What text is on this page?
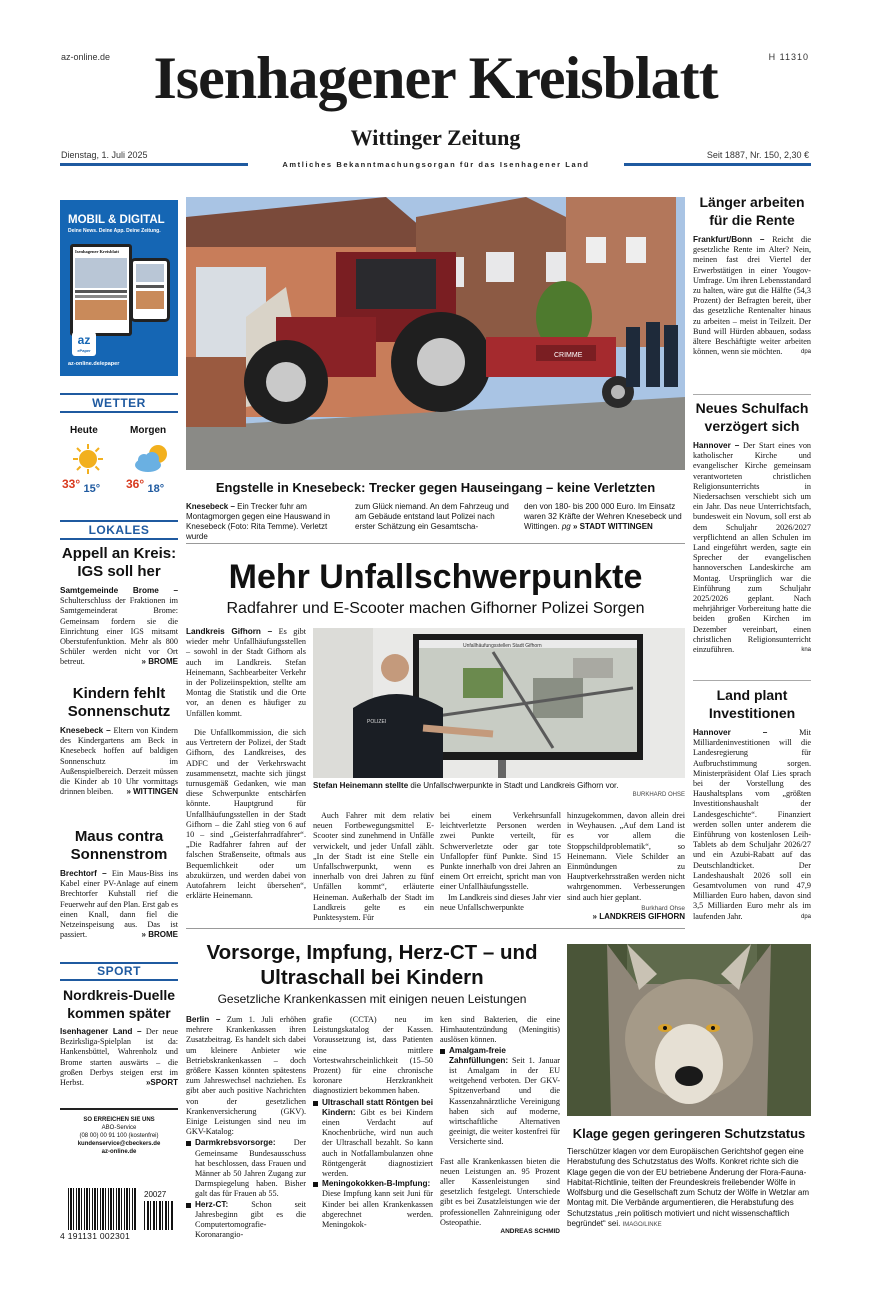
az-online.de	H 11310
Isenhagener Kreisblatt
Wittinger Zeitung
Dienstag, 1. Juli 2025	Seit 1887, Nr. 150, 2,30 €
Amtliches Bekanntmachungsorgan für das Isenhagener Land
MOBIL & DIGITAL
Deine News. Deine App. Deine Zeitung.
Isenhagener Kreisblatt
az
ePaper
az-online.de/epaper
WETTER
Heute	Morgen
33° 15° 36° 18°
LOKALES
Appell an Kreis: IGS soll her
Samtgemeinde Brome – Schulterschluss der Fraktionen im Samtgemeinderat Brome: Gemeinsam fordern sie die Einrichtung einer IGS mitsamt Oberstufenfunktion. Mehr als 800 Schüler werden nicht vor Ort betreut.	» BROME
Kindern fehlt Sonnenschutz
Knesebeck – Eltern von Kindern des Kindergartens am Beck in Knesebeck hoffen auf baldigen Sonnenschutz im Außenspielbereich. Derzeit müssen die Kinder ab 10 Uhr vormittags drinnen bleiben. » WITTINGEN
Maus contra Sonnenstrom
Brechtorf – Ein Maus-Biss ins Kabel einer PV-Anlage auf einem Brechtorfer Kuhstall rief die Feuerwehr auf den Plan. Erst gab es einen Knall, dann fiel die Netzeinspeisung aus. Das ist passiert.	» BROME
SPORT
Nordkreis-Duelle kommen später
Isenhagener Land – Der neue Bezirksliga-Spielplan ist da: Hankensbüttel, Wahrenholz und Brome starten auswärts – die großen Derbys steigen erst im Herbst.	»SPORT
SO ERREICHEN SIE UNS
ABO-Service
(08 00) 00 91 100 (kostenfrei)
kundenservice@cbeckers.de
az-online.de
20027
4 191131 002301
CRIMME
Engstelle in Knesebeck: Trecker gegen Hauseingang – keine Verletzten
Knesebeck – Ein Trecker fuhr am Montagmorgen gegen eine Hauswand in Knesebeck (Foto: Rita Temme). Verletzt wurde
zum Glück niemand. An dem Fahrzeug und am Gebäude entstand laut Polizei nach erster Schätzung ein Gesamtscha-
den von 180- bis 200 000 Euro. Im Einsatz waren 32 Kräfte der Wehren Knesebeck und Wittingen. pg » STADT WITTINGEN
Länger arbeiten für die Rente
Frankfurt/Bonn – Reicht die gesetzliche Rente im Alter? Nein, meinen fast drei Viertel der Erwerbstätigen in einer Yougov-Umfrage. Um ihren Lebensstandard zu halten, wäre gut die Hälfte (54,3 Prozent) der Befragten bereit, über das gesetzliche Rentenalter hinaus zu arbeiten – meist in Teilzeit. Der Bund will Hürden abbauen, sodass ältere Beschäftigte weiter arbeiten können, wenn sie möchten.	dpa
Neues Schulfach verzögert sich
Hannover – Der Start eines von katholischer Kirche und evangelischer Kirche gemeinsam verantworteten christlichen Religionsunterrichts in Niedersachsen verschiebt sich um ein Jahr. Das neue Unterrichtsfach, bundesweit ein Novum, soll erst ab dem Schuljahr 2026/2027 verpflichtend an allen Schulen im Land eingeführt werden, sagte ein Sprecher der evangelischen hannoverschen Landeskirche am Montag. Ursprünglich war die Einführung zum Schuljahr 2025/2026 geplant. Nach mehrjähriger Vorbereitung hatte die beiden großen Kirchen im Dezember vereinbart, einen christlichen Religionsunterricht einzuführen.	kna
Land plant Investitionen
Hannover –	Mit Milliardeninvestitionen will die Landesregierung für Aufbruchstimmung sorgen. Ministerpräsident Olaf Lies sprach bei der Vorstellung des Haushaltsplans vom „größten Investitionshaushalt der Landesgeschichte“. Finanziert werden sollen unter anderem die Einführung von kostenlosen Leih-Tablets ab dem Schuljahr 2026/27 und ein Azubi-Rabatt auf das Deutschlandticket. Der Landeshaushalt 2026 soll ein Gesamtvolumen von rund 47,9 Milliarden Euro haben, davon sind 3,5 Milliarden Euro mehr als im laufenden Jahr.	dpa
Mehr Unfallschwerpunkte
Radfahrer und E-Scooter machen Gifhorner Polizei Sorgen

Landkreis Gifhorn – Es gibt wieder mehr Unfallhäufungsstellen – sowohl in der Stadt Gifhorn als auch im Landkreis. Stefan Heinemann, Sachbearbeiter Verkehr in der Polizeiinspektion, stellte am Montag die Statistik und die Orte vor, an denen es häufiger zu Unfällen kommt.

Die Unfallkommission, die sich aus Vertretern der Polizei, der Stadt Gifhorn, des Landkreises, des ADFC und der Verkehrswacht zusammensetzt, machte sich jüngst turnusgemäß Gedanken, wie man diese Schwerpunkte entschärfen könnte. Hauptgrund für Unfallhäufungsstellen in der Stadt Gifhorn – die Zahl stieg von 6 auf 10 – sind „Geisterfahrradfahrer“. „Die Radfahrer fahren auf der falschen Straßenseite, oftmals aus Bequemlichkeit oder um abzukürzen, und werden dabei von Autofahrern leicht übersehen“, erklärte Heinemann.

Unfallhäufungsstellen Stadt Gifhorn
POLIZEI
Stefan Heinemann stellte die Unfallschwerpunkte in Stadt und Landkreis Gifhorn vor.
BURKHARD OHSE

Auch Fahrer mit dem relativ neuen Fortbewegungsmittel E-Scooter sind zunehmend in Unfälle verwickelt, und jeder Unfall zählt. „In der Stadt ist eine Stelle ein Unfallschwerpunkt, wenn es innerhalb von drei Jahren zu fünf Unfällen kommt“, erläuterte Heineman. Außerhalb der Stadt im Landkreis gelte es ein Punktesystem. Für

bei einem Verkehrsunfall leichtverletzte Personen werden zwei Punkte verteilt, für Schwerverletzte oder gar tote Unfallopfer fünf Punkte. Sind 15 Punkte innerhalb von drei Jahren an einem Ort erreicht, spricht man von einer Unfallhäufungsstelle.

Im Landkreis sind dieses Jahr vier neue Unfallschwerpunkte

hinzugekommen, davon allein drei in Weyhausen. „Auf dem Land ist es vor allem die Stoppschildproblematik“, so Heinemann. Viele Schilder an Einmündungen zu Hauptverkehrsstraßen werden nicht wahrgenommen. Verbesserungen sind auch hier geplant.

Burkhard Ohse
» LANDKREIS GIFHORN
Vorsorge, Impfung, Herz-CT – und Ultraschall bei Kindern
Gesetzliche Krankenkassen mit einigen neuen Leistungen

Berlin – Zum 1. Juli erhöhen mehrere Krankenkassen ihren Zusatzbeitrag. Es handelt sich dabei um kleinere Anbieter wie Betriebskrankenkassen – doch größere Kassen könnten spätestens zum Jahreswechsel nachziehen. Es gibt aber auch positive Nachrichten von der gesetzlichen Krankenversicherung (GKV). Einige Leistungen sind neu im GKV-Katalog:

Darmkrebsvorsorge: Der Gemeinsame Bundesausschuss hat beschlossen, dass Frauen und Männer ab 50 Jahren Zugang zur Darmspiegelung haben. Bisher galt das für Frauen ab 55.
Herz-CT:	Schon seit Jahresbeginn gibt es die Computertomografie-Koronarangio-

grafie (CCTA) neu im Leistungskatalog der Kassen. Voraussetzung ist, dass Patienten eine mittlere Vortestwahrscheinlichkeit (15–50 Prozent) für eine chronische koronare Herzkrankheit diagnostiziert bekommen haben.

Ultraschall statt Röntgen bei Kindern: Gibt es bei Kindern einen Verdacht auf Knochenbrüche, wird nun auch der Ultraschall bezahlt. So kann auch in Notfallambulanzen ohne Röntgengerät diagnostiziert werden.
Meningokokken-B-Impfung: Diese Impfung kann seit Juni für Kinder bei allen Krankenkassen abgerechnet werden. Meningokok-

ken sind Bakterien, die eine Hirnhautentzündung (Meningitis) auslösen können.

Amalgam-freie Zahnfüllungen: Seit 1. Januar ist Amalgam in der EU weitgehend verboten. Der GKV-Spitzenverband und die Kassenzahnärztliche Vereinigung haben sich auf moderne, wirtschaftliche Alternativen geeinigt, die weiter kostenfrei für Versicherte sind.

Fast alle Krankenkassen bieten die neuen Leistungen an. 95 Prozent aller Kassenleistungen sind gesetzlich festgelegt. Unterschiede gibt es bei Zusatzleistungen wie der professionellen Zahnreinigung oder Osteopathie.

ANDREAS SCHMID
Klage gegen geringeren Schutzstatus
Tierschützer klagen vor dem Europäischen Gerichtshof gegen eine Herabstufung des Schutzstatus des Wolfs. Konkret richte sich die Klage gegen die von der EU betriebene Änderung der Flora-Fauna-Habitat-Richtlinie, teilten der Freundeskreis freilebender Wölfe in Wolfsburg und die Gesellschaft zum Schutz der Wölfe in Wetzlar am Montag mit. Die Verbände argumentieren, die Herabstufung des Schutzstatus „rein politisch motiviert und nicht wissenschaftlich begründet“ sei. IMAGO/LINKE
